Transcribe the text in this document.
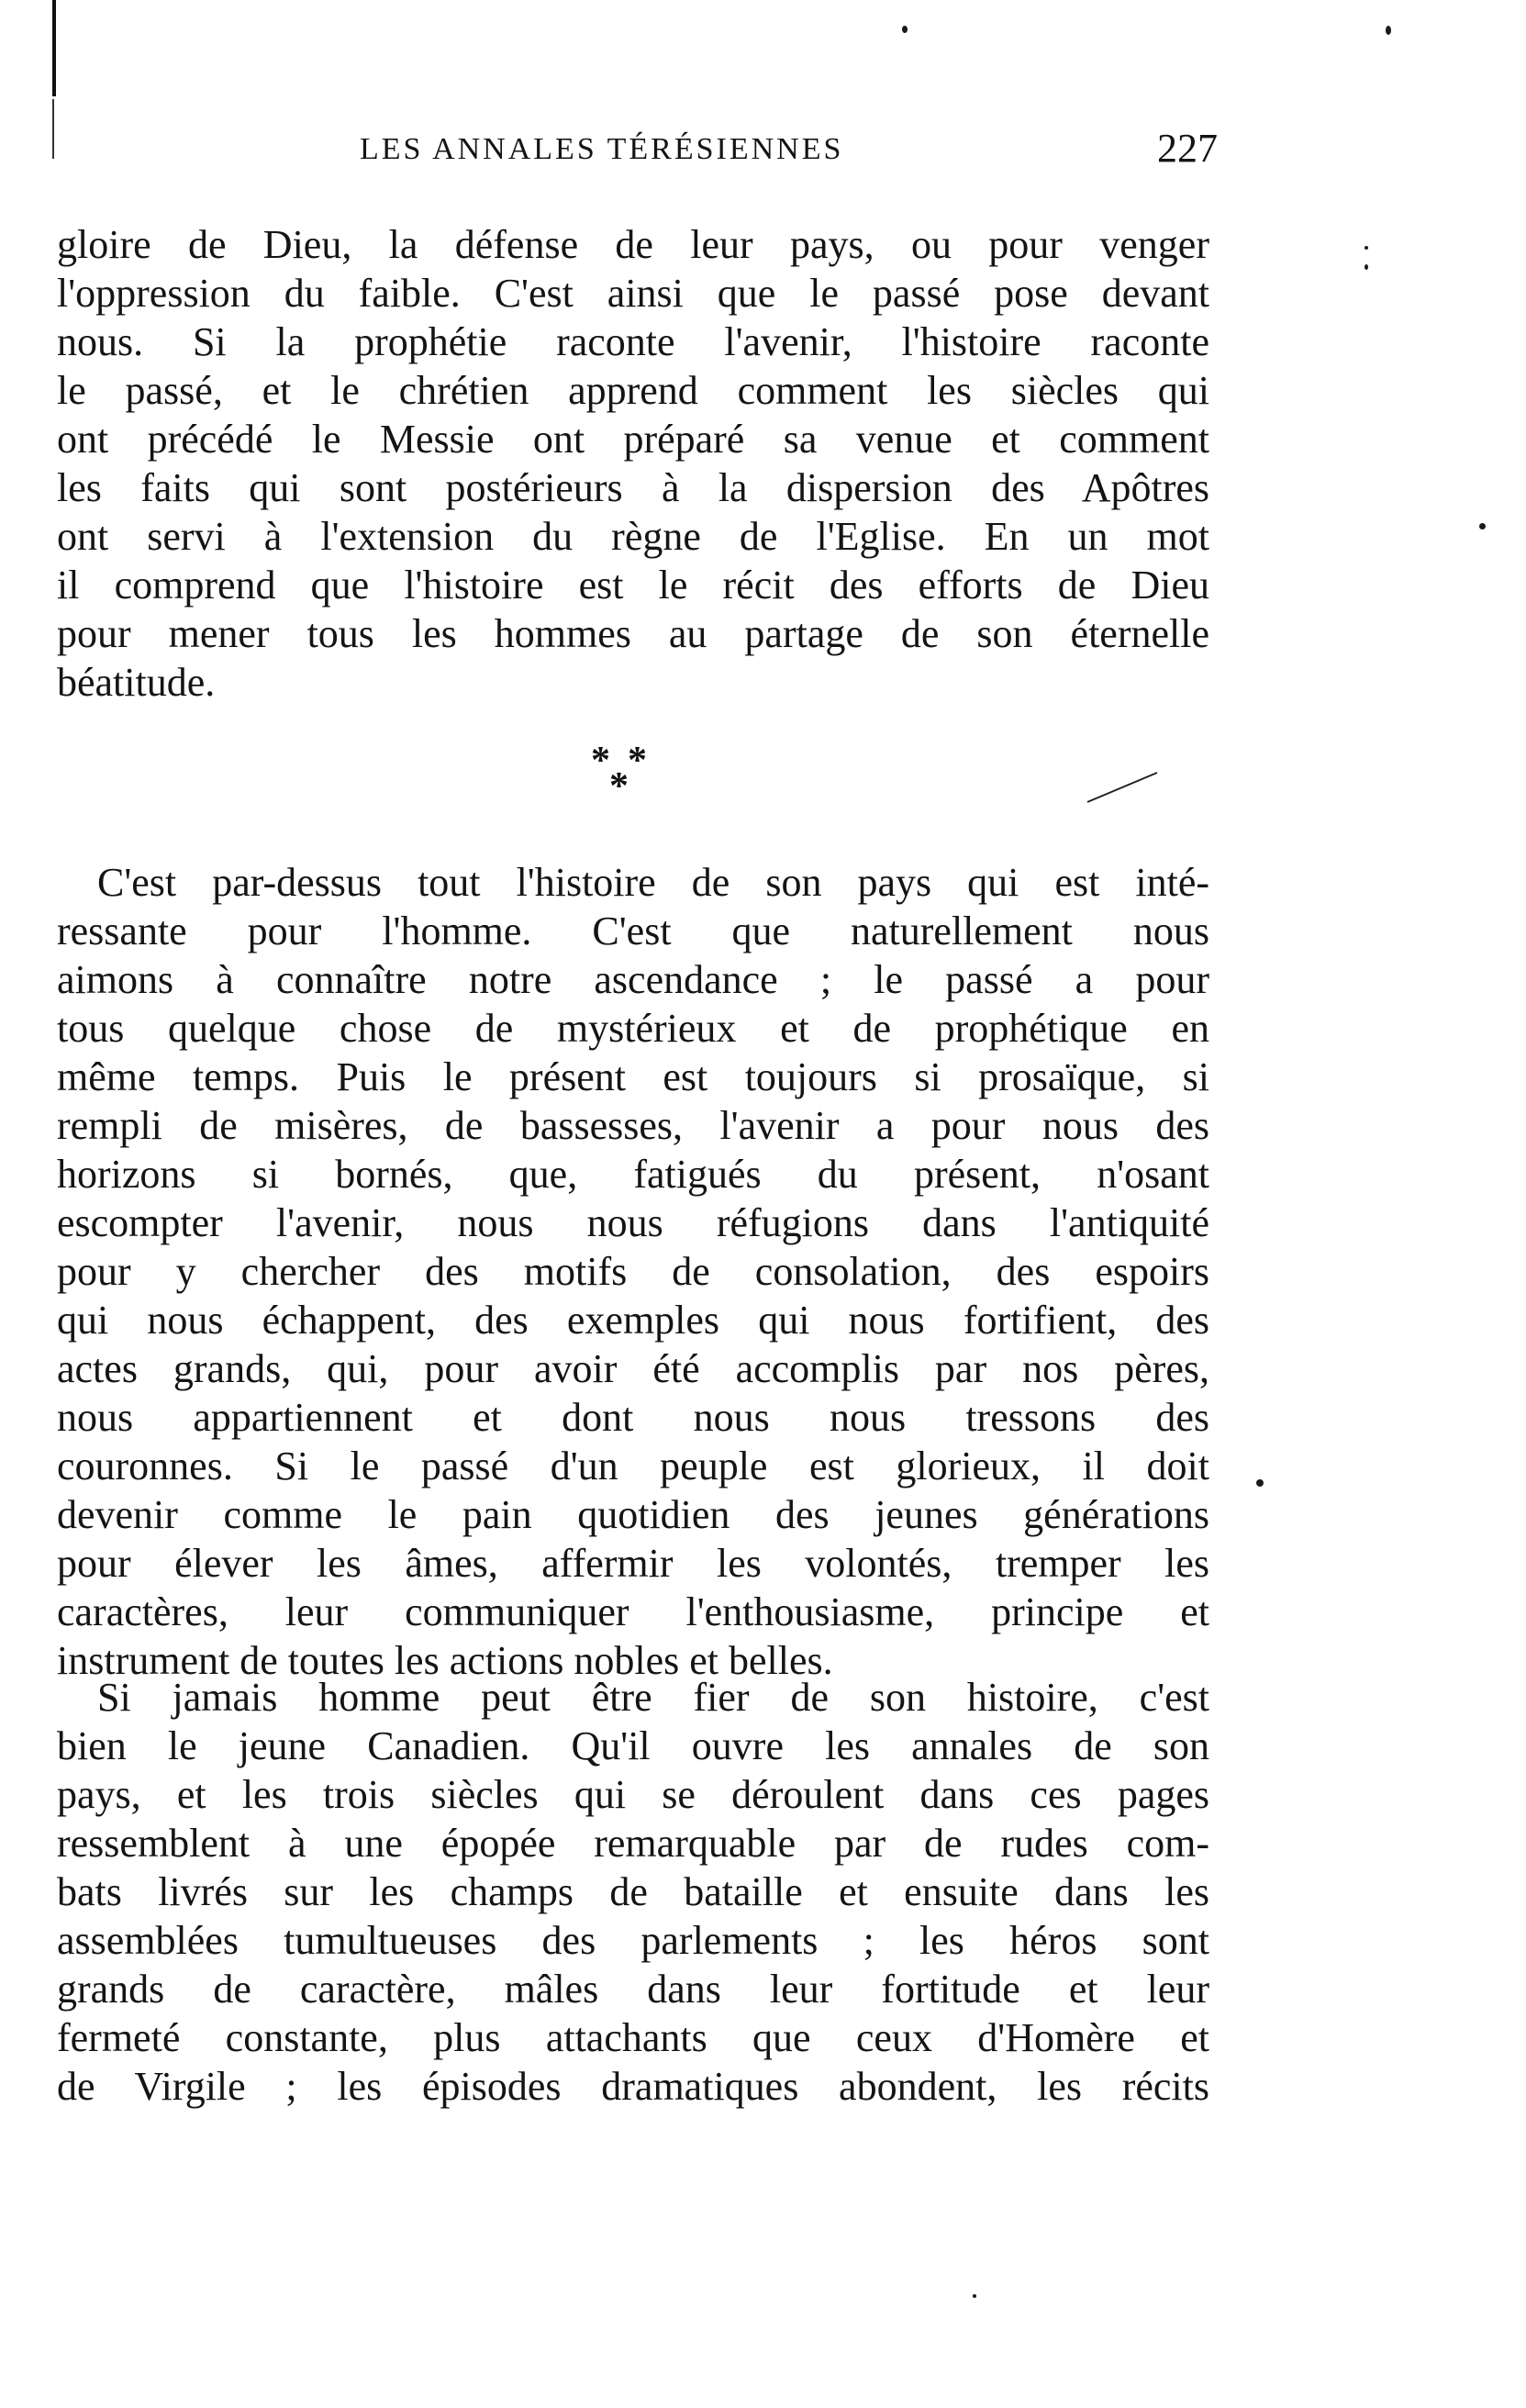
LES ANNALES TÉRÉSIENNES	227
gloire de Dieu, la défense de leur pays, ou pour venger
l'oppression du faible. C'est ainsi que le passé pose devant
nous. Si la prophétie raconte l'avenir, l'histoire raconte
le passé, et le chrétien apprend comment les siècles qui
ont précédé le Messie ont préparé sa venue et comment
les faits qui sont postérieurs à la dispersion des Apôtres
ont servi à l'extension du règne de l'Eglise. En un mot
il comprend que l'histoire est le récit des efforts de Dieu
pour mener tous les hommes au partage de son éternelle
béatitude.
* *
*
C'est par-dessus tout l'histoire de son pays qui est inté-
ressante pour l'homme. C'est que naturellement nous
aimons à connaître notre ascendance ; le passé a pour
tous quelque chose de mystérieux et de prophétique en
même temps. Puis le présent est toujours si prosaïque, si
rempli de misères, de bassesses, l'avenir a pour nous des
horizons si bornés, que, fatigués du présent, n'osant
escompter l'avenir, nous nous réfugions dans l'antiquité
pour y chercher des motifs de consolation, des espoirs
qui nous échappent, des exemples qui nous fortifient, des
actes grands, qui, pour avoir été accomplis par nos pères,
nous appartiennent et dont nous nous tressons des
couronnes. Si le passé d'un peuple est glorieux, il doit
devenir comme le pain quotidien des jeunes générations
pour élever les âmes, affermir les volontés, tremper les
caractères, leur communiquer l'enthousiasme, principe et
instrument de toutes les actions nobles et belles.
Si jamais homme peut être fier de son histoire, c'est
bien le jeune Canadien. Qu'il ouvre les annales de son
pays, et les trois siècles qui se déroulent dans ces pages
ressemblent à une épopée remarquable par de rudes com-
bats livrés sur les champs de bataille et ensuite dans les
assemblées tumultueuses des parlements ; les héros sont
grands de caractère, mâles dans leur fortitude et leur
fermeté constante, plus attachants que ceux d'Homère et
de Virgile ; les épisodes dramatiques abondent, les récits
